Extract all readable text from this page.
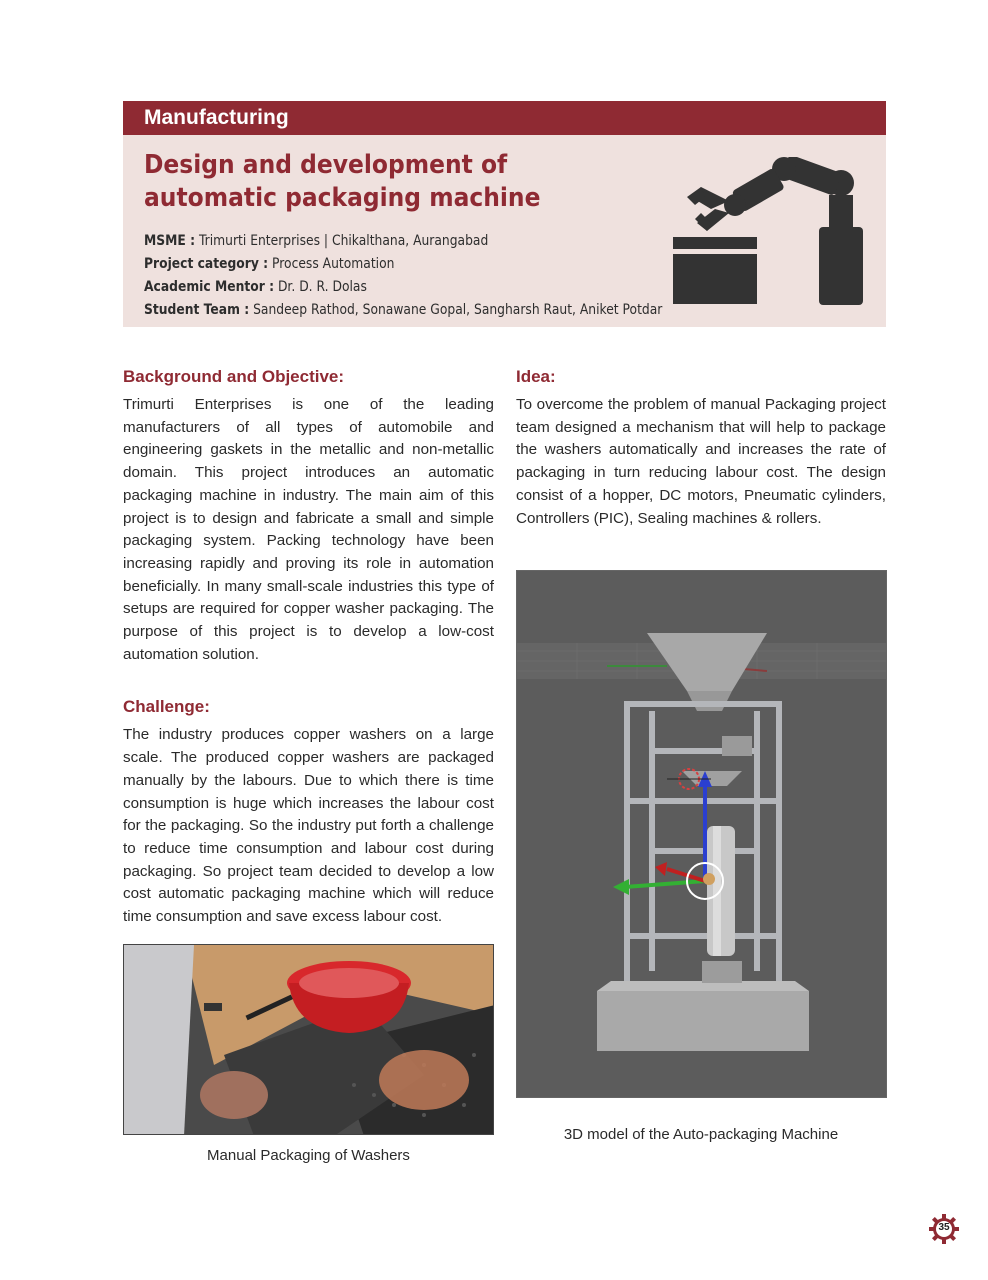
Manufacturing
Design and development of automatic packaging machine
MSME : Trimurti Enterprises | Chikalthana, Aurangabad
Project category : Process Automation
Academic Mentor : Dr. D. R. Dolas
Student Team : Sandeep Rathod, Sonawane Gopal, Sangharsh Raut, Aniket Potdar
Background and Objective:

Trimurti Enterprises is one of the leading manufacturers of all types of automobile and engineering gaskets in the metallic and non-metallic domain. This project introduces an automatic packaging machine in industry. The main aim of this project is to design and fabricate a small and simple packaging system. Packing technology have been increasing rapidly and proving its role in automation beneficially. In many small-scale industries this type of setups are required for copper washer packaging. The purpose of this project is to develop a low-cost automation solution.

Challenge:

The industry produces copper washers on a large scale. The produced copper washers are packaged manually by the labours. Due to which there is time consumption is huge which increases the labour cost for the packaging. So the industry put forth a challenge to reduce time consumption and labour cost during packaging. So project team decided to develop a low cost automatic packaging machine which will reduce time consumption and save excess labour cost.

Idea:

To overcome the problem of manual Packaging project team designed a mechanism that will help to package the washers automatically and increases the rate of packaging in turn reducing labour cost. The design consist of a hopper, DC motors, Pneumatic cylinders, Controllers (PIC), Sealing machines & rollers.

Manual Packaging of Washers
3D model of the Auto-packaging Machine
35
